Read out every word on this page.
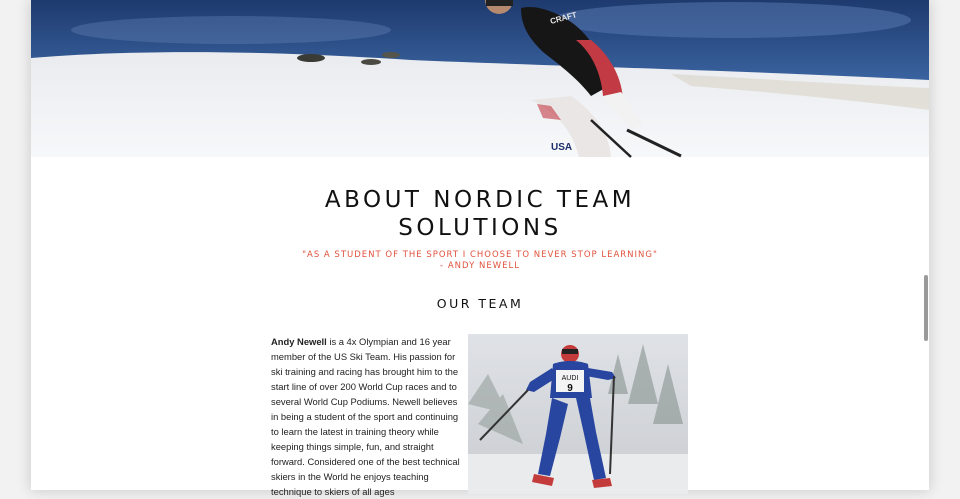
CRAFT
USA
ABOUT NORDIC TEAM
SOLUTIONS
"AS A STUDENT OF THE SPORT I CHOOSE TO NEVER STOP LEARNING"
- ANDY NEWELL
OUR TEAM
Andy Newell is a 4x Olympian and 16 year member of the US Ski Team. His passion for ski training and racing has brought him to the start line of over 200 World Cup races and to several World Cup Podiums. Newell believes in being a student of the sport and continuing to learn the latest in training theory while keeping things simple, fun, and straight forward. Considered one of the best technical skiers in the World he enjoys teaching technique to skiers of all ages
AUDI
9
